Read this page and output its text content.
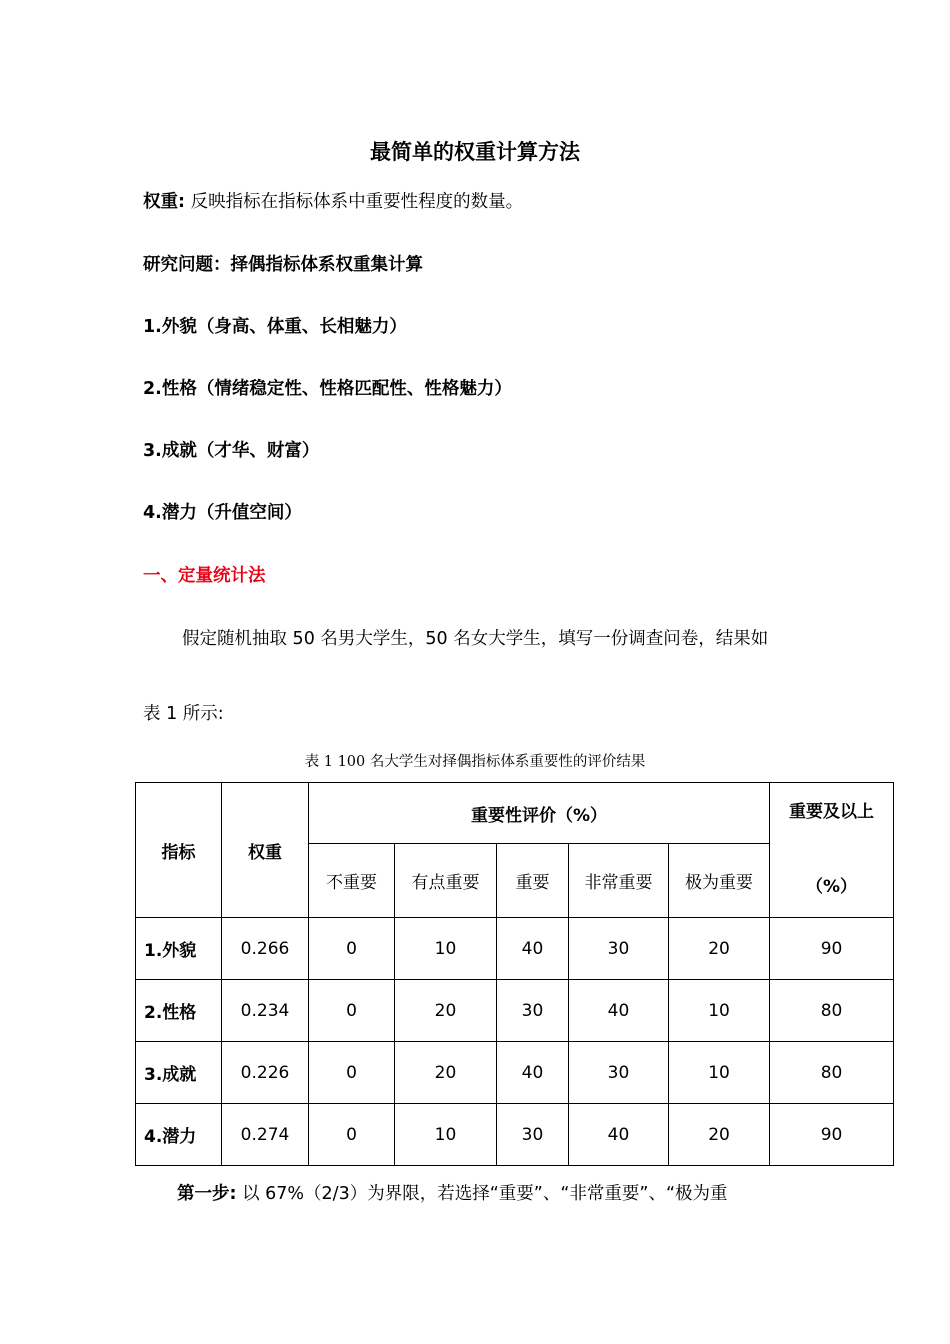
最简单的权重计算方法
权重: 反映指标在指标体系中重要性程度的数量。
研究问题：择偶指标体系权重集计算
1.外貌（身高、体重、长相魅力）
2.性格（情绪稳定性、性格匹配性、性格魅力）
3.成就（才华、财富）
4.潜力（升值空间）
一、定量统计法
假定随机抽取 50 名男大学生，50 名女大学生，填写一份调查问卷，结果如
表 1 所示:
表 1 100 名大学生对择偶指标体系重要性的评价结果
指标	权重	重要性评价（%）					重要及以上
（%）

		不重要	有点重要	重要	非常重要	极为重要	
1.外貌	0.266	0	10	40	30	20	90
2.性格	0.234	0	20	30	40	10	80
3.成就	0.226	0	20	40	30	10	80
4.潜力	0.274	0	10	30	40	20	90
第一步: 以 67%（2/3）为界限，若选择“重要”、“非常重要”、“极为重
